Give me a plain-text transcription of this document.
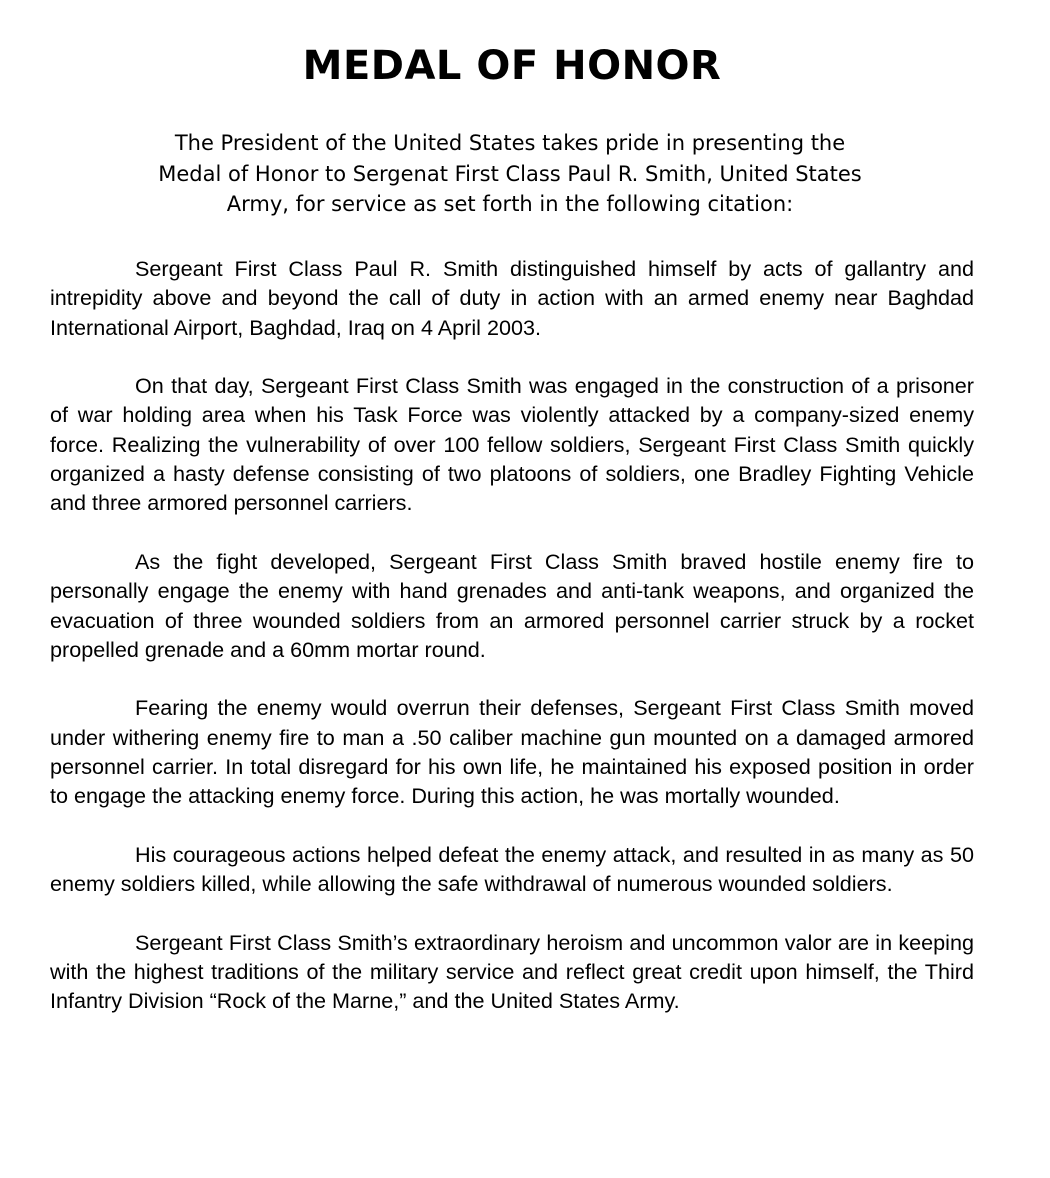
MEDAL OF HONOR
The President of the United States takes pride in presenting the
Medal of Honor to Sergenat First Class Paul R. Smith, United States
Army, for service as set forth in the following citation:

Sergeant First Class Paul R. Smith distinguished himself by acts of gallantry and intrepidity above and beyond the call of duty in action with an armed enemy near Baghdad International Airport, Baghdad, Iraq on 4 April 2003.

On that day, Sergeant First Class Smith was engaged in the construction of a prisoner of war holding area when his Task Force was violently attacked by a company-sized enemy force. Realizing the vulnerability of over 100 fellow soldiers, Sergeant First Class Smith quickly organized a hasty defense consisting of two platoons of soldiers, one Bradley Fighting Vehicle and three armored personnel carriers.

As the fight developed, Sergeant First Class Smith braved hostile enemy fire to personally engage the enemy with hand grenades and anti-tank weapons, and organized the evacuation of three wounded soldiers from an armored personnel carrier struck by a rocket propelled grenade and a 60mm mortar round.

Fearing the enemy would overrun their defenses, Sergeant First Class Smith moved under withering enemy fire to man a .50 caliber machine gun mounted on a damaged armored personnel carrier. In total disregard for his own life, he maintained his exposed position in order to engage the attacking enemy force. During this action, he was mortally wounded.

His courageous actions helped defeat the enemy attack, and resulted in as many as 50 enemy soldiers killed, while allowing the safe withdrawal of numerous wounded soldiers.

Sergeant First Class Smith’s extraordinary heroism and uncommon valor are in keeping with the highest traditions of the military service and reflect great credit upon himself, the Third Infantry Division “Rock of the Marne,” and the United States Army.
